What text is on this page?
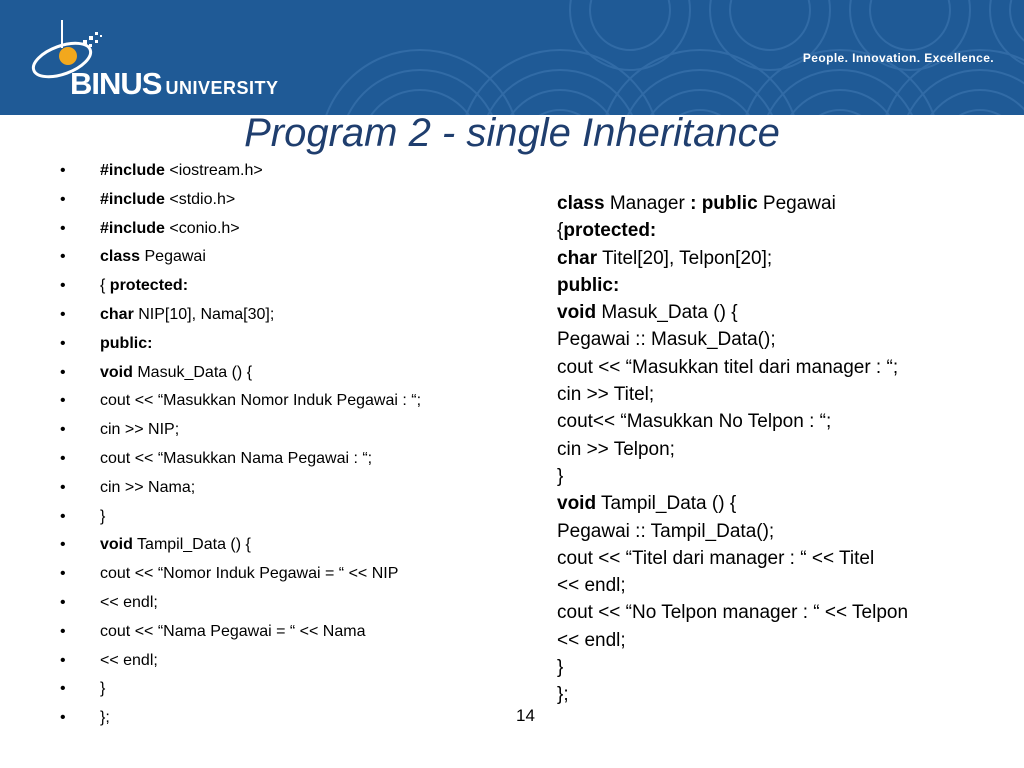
BINUS UNIVERSITY
People. Innovation. Excellence.
Program 2 - single Inheritance
• #include <iostream.h>
• #include <stdio.h>
• #include <conio.h>
• class Pegawai
• { protected:
• char NIP[10], Nama[30];
• public:
• void Masuk_Data () {
• cout << “Masukkan Nomor Induk Pegawai : “;
• cin >> NIP;
• cout << “Masukkan Nama Pegawai : “;
• cin >> Nama;
• }
• void Tampil_Data () {
• cout << “Nomor Induk Pegawai = “ << NIP
• << endl;
• cout << “Nama Pegawai = “ << Nama
• << endl;
• }
• };
class Manager : public Pegawai
{protected:
char Titel[20], Telpon[20];
public:
void Masuk_Data () {
Pegawai :: Masuk_Data();
cout << “Masukkan titel dari manager : “;
cin >> Titel;
cout<< “Masukkan No Telpon : “;
cin >> Telpon;
}
void Tampil_Data () {
Pegawai :: Tampil_Data();
cout << “Titel dari manager : “ << Titel
<< endl;
cout << “No Telpon manager : “ << Telpon
<< endl;
}
};
14
